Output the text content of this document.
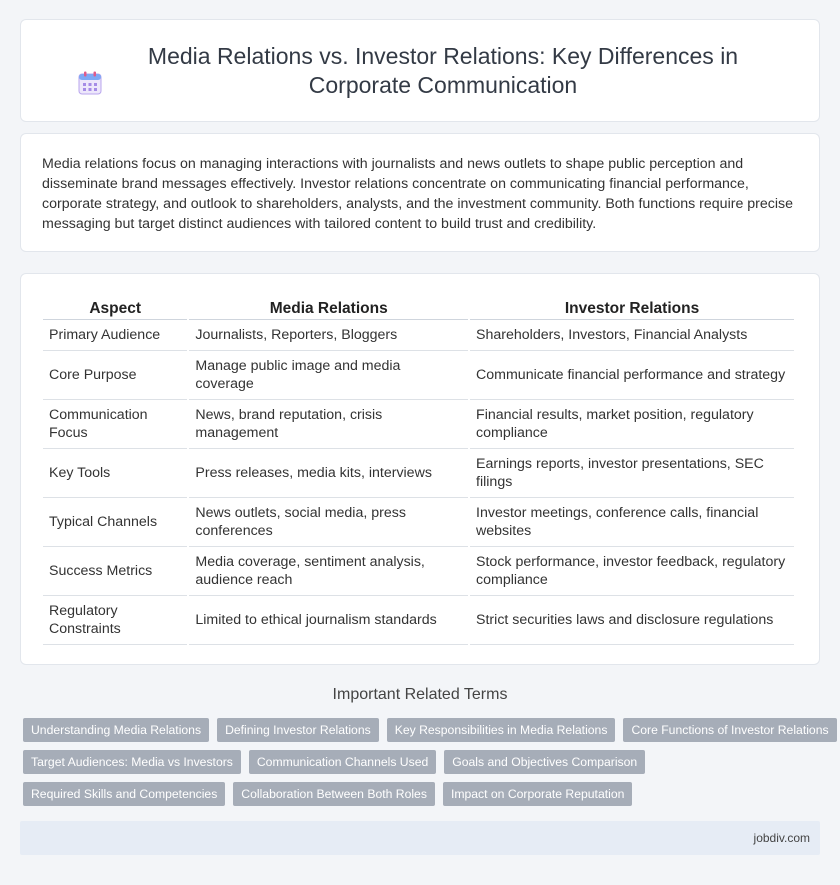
Media Relations vs. Investor Relations: Key Differences in Corporate Communication

Media relations focus on managing interactions with journalists and news outlets to shape public perception and disseminate brand messages effectively. Investor relations concentrate on communicating financial performance, corporate strategy, and outlook to shareholders, analysts, and the investment community. Both functions require precise messaging but target distinct audiences with tailored content to build trust and credibility.

Aspect	Media Relations	Investor Relations
Primary Audience	Journalists, Reporters, Bloggers	Shareholders, Investors, Financial Analysts
Core Purpose	Manage public image and media coverage	Communicate financial performance and strategy
Communication Focus	News, brand reputation, crisis management	Financial results, market position, regulatory compliance
Key Tools	Press releases, media kits, interviews	Earnings reports, investor presentations, SEC filings
Typical Channels	News outlets, social media, press conferences	Investor meetings, conference calls, financial websites
Success Metrics	Media coverage, sentiment analysis, audience reach	Stock performance, investor feedback, regulatory compliance
Regulatory Constraints	Limited to ethical journalism standards	Strict securities laws and disclosure regulations
Important Related Terms
Understanding Media Relations	Defining Investor Relations	Key Responsibilities in Media Relations	Core Functions of Investor Relations
Target Audiences: Media vs Investors	Communication Channels Used	Goals and Objectives Comparison
Required Skills and Competencies	Collaboration Between Both Roles	Impact on Corporate Reputation
jobdiv.com
